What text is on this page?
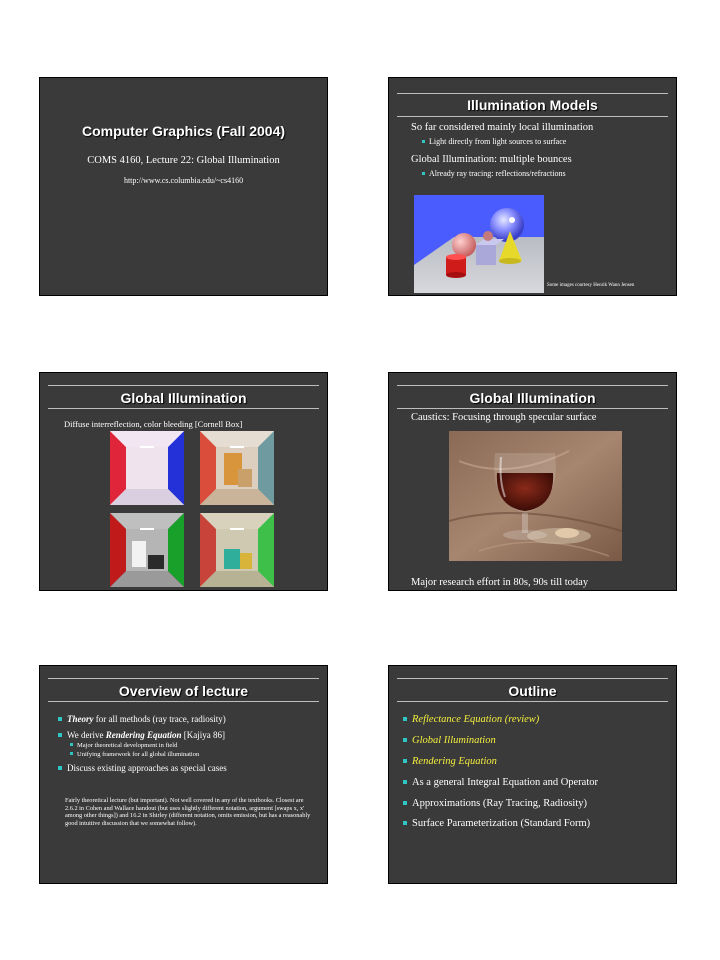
Computer Graphics (Fall 2004)
COMS 4160, Lecture 22: Global Illumination
http://www.cs.columbia.edu/~cs4160
Illumination Models
So far considered mainly local illumination
Light directly from light sources to surface
Global Illumination: multiple bounces
Already ray tracing: reflections/refractions
Some images courtesy Henrik Wann Jensen
Global Illumination
Diffuse interreflection, color bleeding [Cornell Box]
Global Illumination
Caustics: Focusing through specular surface
Major research effort in 80s, 90s till today
Overview of lecture
Theory for all methods (ray trace, radiosity)
We derive Rendering Equation [Kajiya 86]
Major theoretical development in field
Unifying framework for all global illumination
Discuss existing approaches as special cases
Fairly theoretical lecture (but important). Not well covered in any of the textbooks. Closest are 2.6.2 in Cohen and Wallace handout (but uses slightly different notation, argument [swaps x, x' among other things]) and 16.2 in Shirley (different notation, omits emission, but has a reasonably good intuitive discussion that we somewhat follow).
Outline
Reflectance Equation (review)
Global Illumination
Rendering Equation
As a general Integral Equation and Operator
Approximations (Ray Tracing, Radiosity)
Surface Parameterization (Standard Form)
